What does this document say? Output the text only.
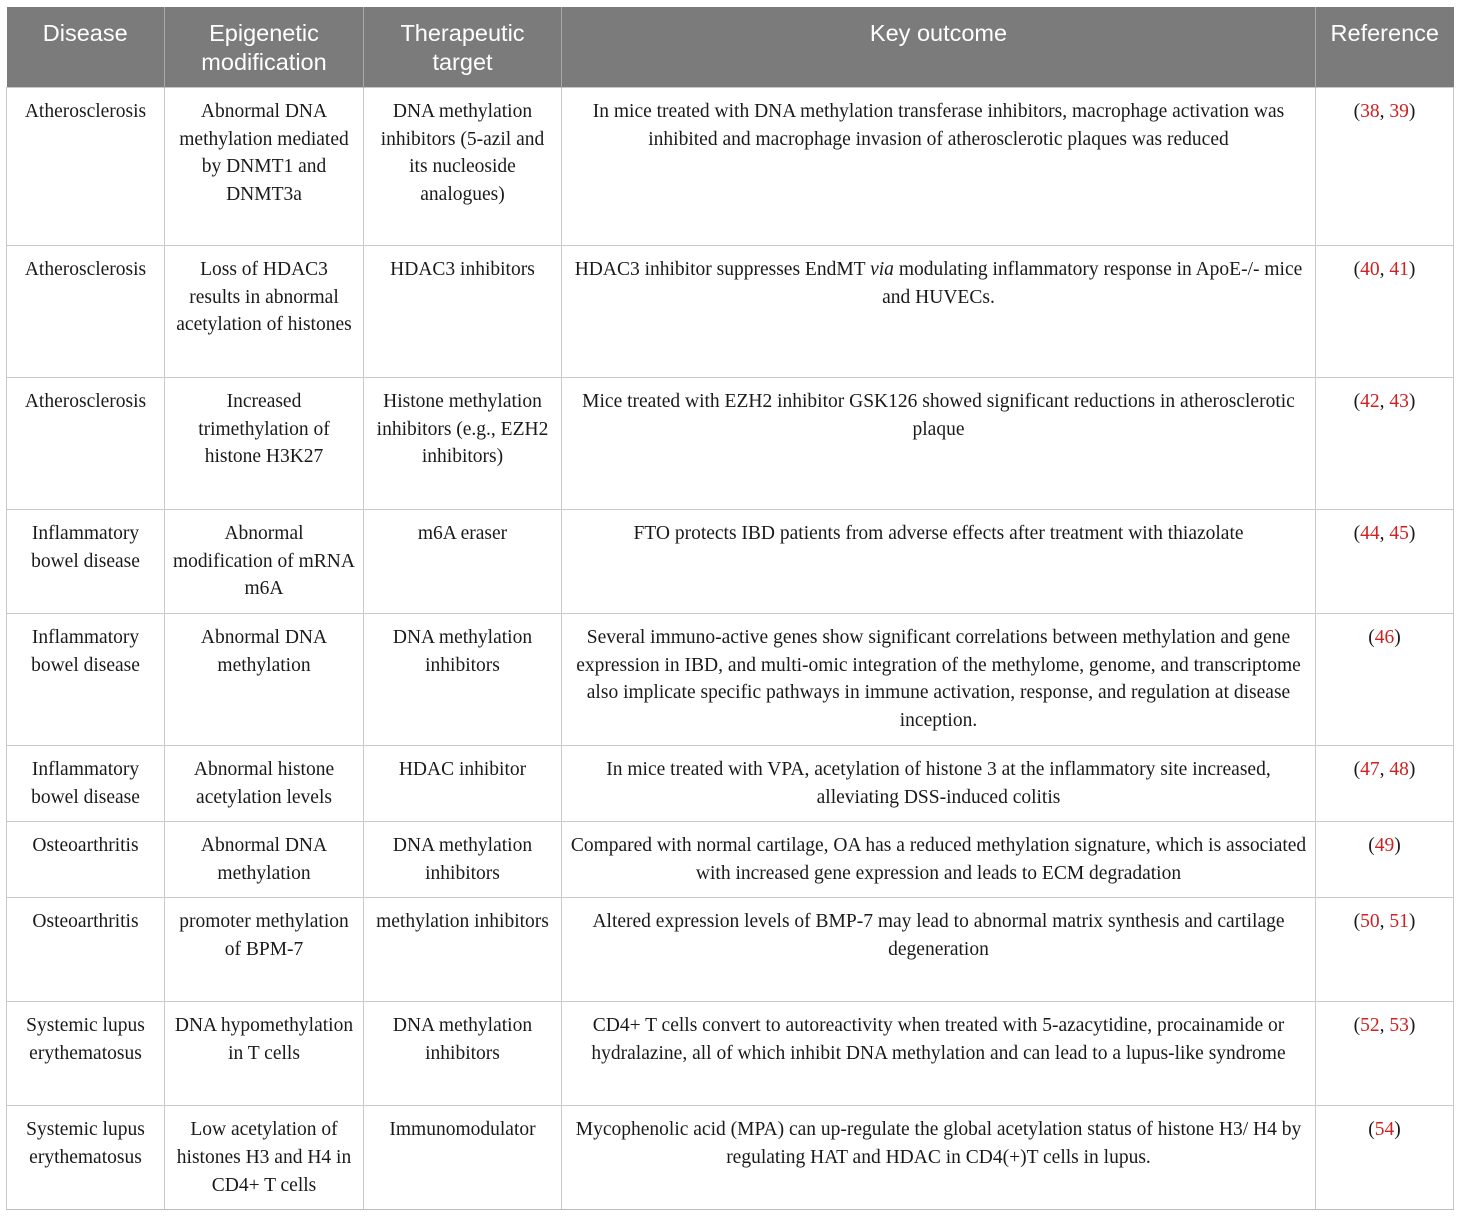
Disease	Epigenetic modification	Therapeutic target	Key outcome	Reference
Atherosclerosis	Abnormal DNA methylation mediated by DNMT1 and DNMT3a	DNA methylation inhibitors (5-azil and its nucleoside analogues)	In mice treated with DNA methylation transferase inhibitors, macrophage activation was inhibited and macrophage invasion of atherosclerotic plaques was reduced	(38, 39)
Atherosclerosis	Loss of HDAC3 results in abnormal acetylation of histones	HDAC3 inhibitors	HDAC3 inhibitor suppresses EndMT via modulating inflammatory response in ApoE-/- mice and HUVECs.	(40, 41)
Atherosclerosis	Increased trimethylation of histone H3K27	Histone methylation inhibitors (e.g., EZH2 inhibitors)	Mice treated with EZH2 inhibitor GSK126 showed significant reductions in atherosclerotic plaque	(42, 43)
Inflammatory bowel disease	Abnormal modification of mRNA m6A	m6A eraser	FTO protects IBD patients from adverse effects after treatment with thiazolate	(44, 45)
Inflammatory bowel disease	Abnormal DNA methylation	DNA methylation inhibitors	Several immuno-active genes show significant correlations between methylation and gene expression in IBD, and multi-omic integration of the methylome, genome, and transcriptome also implicate specific pathways in immune activation, response, and regulation at disease inception.	(46)
Inflammatory bowel disease	Abnormal histone acetylation levels	HDAC inhibitor	In mice treated with VPA, acetylation of histone 3 at the inflammatory site increased, alleviating DSS-induced colitis	(47, 48)
Osteoarthritis	Abnormal DNA methylation	DNA methylation inhibitors	Compared with normal cartilage, OA has a reduced methylation signature, which is associated with increased gene expression and leads to ECM degradation	(49)
Osteoarthritis	promoter methylation of BPM-7	methylation inhibitors	Altered expression levels of BMP-7 may lead to abnormal matrix synthesis and cartilage degeneration	(50, 51)
Systemic lupus erythematosus	DNA hypomethylation in T cells	DNA methylation inhibitors	CD4+ T cells convert to autoreactivity when treated with 5-azacytidine, procainamide or hydralazine, all of which inhibit DNA methylation and can lead to a lupus-like syndrome	(52, 53)
Systemic lupus erythematosus	Low acetylation of histones H3 and H4 in CD4+ T cells	Immunomodulator	Mycophenolic acid (MPA) can up-regulate the global acetylation status of histone H3/ H4 by regulating HAT and HDAC in CD4(+)T cells in lupus.	(54)
